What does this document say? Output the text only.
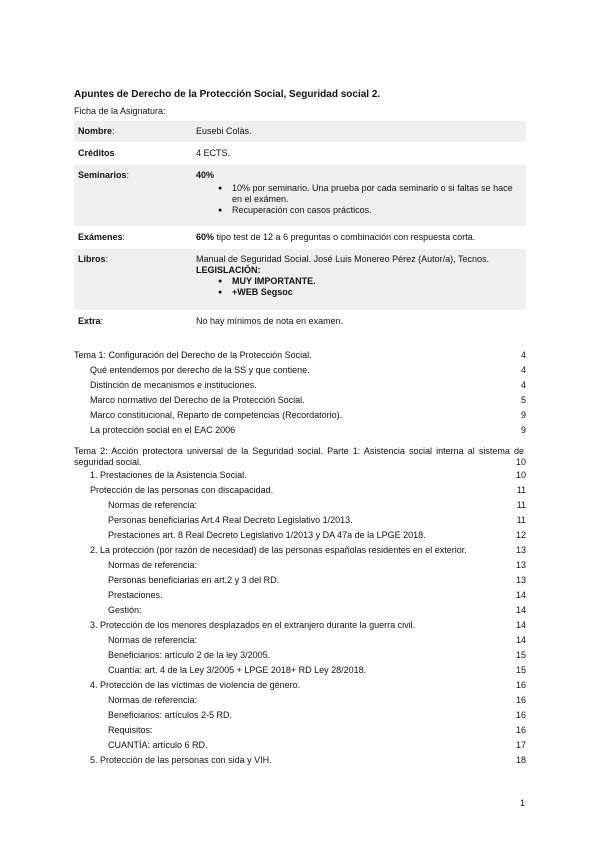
Apuntes de Derecho de la Protección Social, Seguridad social 2.
Ficha de la Asignatura:
Nombre:	Eusebi Colàs.
Créditos	4 ECTS.
Seminarios:	40%
● 10% por seminario. Una prueba por cada seminario o si faltas se hace en el exámen.
● Recuperación con casos prácticos.
Exámenes:	60% tipo test de 12 a 6 preguntas o combinación con respuesta corta.
Libros:	Manual de Seguridad Social. José Luis Monereo Pérez (Autor/a), Tecnos.
LEGISLACIÓN:
● MUY IMPORTANTE.
● +WEB Segsoc
Extra:	No hay mínimos de nota en examen.
Tema 1: Configuración del Derecho de la Protección Social.	4
Qué entendemos por derecho de la SS y que contiene.	4
Distinción de mecanismos e instituciones.	4
Marco normativo del Derecho de la Protección Social.	5
Marco constitucional, Reparto de competencias (Recordatorio).	9
La protección social en el EAC 2006	9
Tema 2: Acción protectora universal de la Seguridad social. Parte 1: Asistencia social interna al sistema de seguridad social.	10
1. Prestaciones de la Asistencia Social.	10
Protección de las personas con discapacidad.	11
Normas de referencia:	11
Personas beneficiarias Art.4 Real Decreto Legislativo 1/2013.	11
Prestaciones art. 8 Real Decreto Legislativo 1/2013 y DA 47a de la LPGE 2018.	12
2. La protección (por razón de necesidad) de las personas españolas residentes en el exterior.	13
Normas de referencia:	13
Personas beneficiarias en art.2 y 3 del RD.	13
Prestaciones.	14
Gestión:	14
3. Protección de los menores desplazados en el extranjero durante la guerra civil.	14
Normas de referencia:	14
Beneficiarios: artículo 2 de la ley 3/2005.	15
Cuantía: art. 4 de la Ley 3/2005 + LPGE 2018+ RD Ley 28/2018.	15
4. Protección de las víctimas de violencia de género.	16
Normas de referencia:	16
Beneficiarios: artículos 2-5 RD.	16
Requisitos:	16
CUANTÍA: artículo 6 RD.	17
5. Protección de las personas con sida y VIH.	18
1
